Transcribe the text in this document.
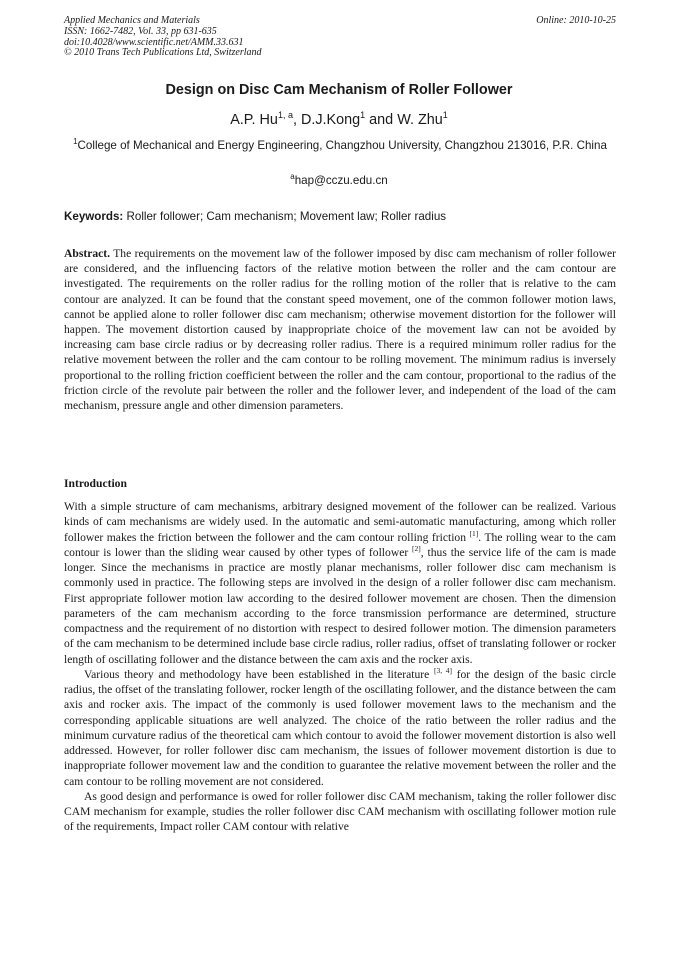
Online: 2010-10-25
Applied Mechanics and Materials
ISSN: 1662-7482, Vol. 33, pp 631-635
doi:10.4028/www.scientific.net/AMM.33.631
© 2010 Trans Tech Publications Ltd, Switzerland
Design on Disc Cam Mechanism of Roller Follower
A.P. Hu$^{1, a}$, D.J.Kong$^1$ and W. Zhu$^1$
$^1$College of Mechanical and Energy Engineering, Changzhou University, Changzhou 213016, P.R. China
$^a$hap@cczu.edu.cn
Keywords: Roller follower; Cam mechanism; Movement law; Roller radius
Abstract. The requirements on the movement law of the follower imposed by disc cam mechanism of roller follower are considered, and the influencing factors of the relative motion between the roller and the cam contour are investigated. The requirements on the roller radius for the rolling motion of the roller that is relative to the cam contour are analyzed. It can be found that the constant speed movement, one of the common follower motion laws, cannot be applied alone to roller follower disc cam mechanism; otherwise movement distortion for the follower will happen. The movement distortion caused by inappropriate choice of the movement law can not be avoided by increasing cam base circle radius or by decreasing roller radius. There is a required minimum roller radius for the relative movement between the roller and the cam contour to be rolling movement. The minimum radius is inversely proportional to the rolling friction coefficient between the roller and the cam contour, proportional to the radius of the friction circle of the revolute pair between the roller and the follower lever, and independent of the load of the cam mechanism, pressure angle and other dimension parameters.
Introduction

With a simple structure of cam mechanisms, arbitrary designed movement of the follower can be realized. Various kinds of cam mechanisms are widely used. In the automatic and semi-automatic manufacturing, among which roller follower makes the friction between the follower and the cam contour rolling friction [1]. The rolling wear to the cam contour is lower than the sliding wear caused by other types of follower [2], thus the service life of the cam is made longer. Since the mechanisms in practice are mostly planar mechanisms, roller follower disc cam mechanism is commonly used in practice. The following steps are involved in the design of a roller follower disc cam mechanism. First appropriate follower motion law according to the desired follower movement are chosen. Then the dimension parameters of the cam mechanism according to the force transmission performance are determined, structure compactness and the requirement of no distortion with respect to desired follower motion. The dimension parameters of the cam mechanism to be determined include base circle radius, roller radius, offset of translating follower or rocker length of oscillating follower and the distance between the cam axis and the rocker axis.

Various theory and methodology have been established in the literature [3, 4] for the design of the basic circle radius, the offset of the translating follower, rocker length of the oscillating follower, and the distance between the cam axis and rocker axis. The impact of the commonly is used follower movement laws to the mechanism and the corresponding applicable situations are well analyzed. The choice of the ratio between the roller radius and the minimum curvature radius of the theoretical cam which contour to avoid the follower movement distortion is also well addressed. However, for roller follower disc cam mechanism, the issues of follower movement distortion is due to inappropriate follower movement law and the condition to guarantee the relative movement between the roller and the cam contour to be rolling movement are not considered.

As good design and performance is owed for roller follower disc CAM mechanism, taking the roller follower disc CAM mechanism for example, studies the roller follower disc CAM mechanism with oscillating follower motion rule of the requirements, Impact roller CAM contour with relative
